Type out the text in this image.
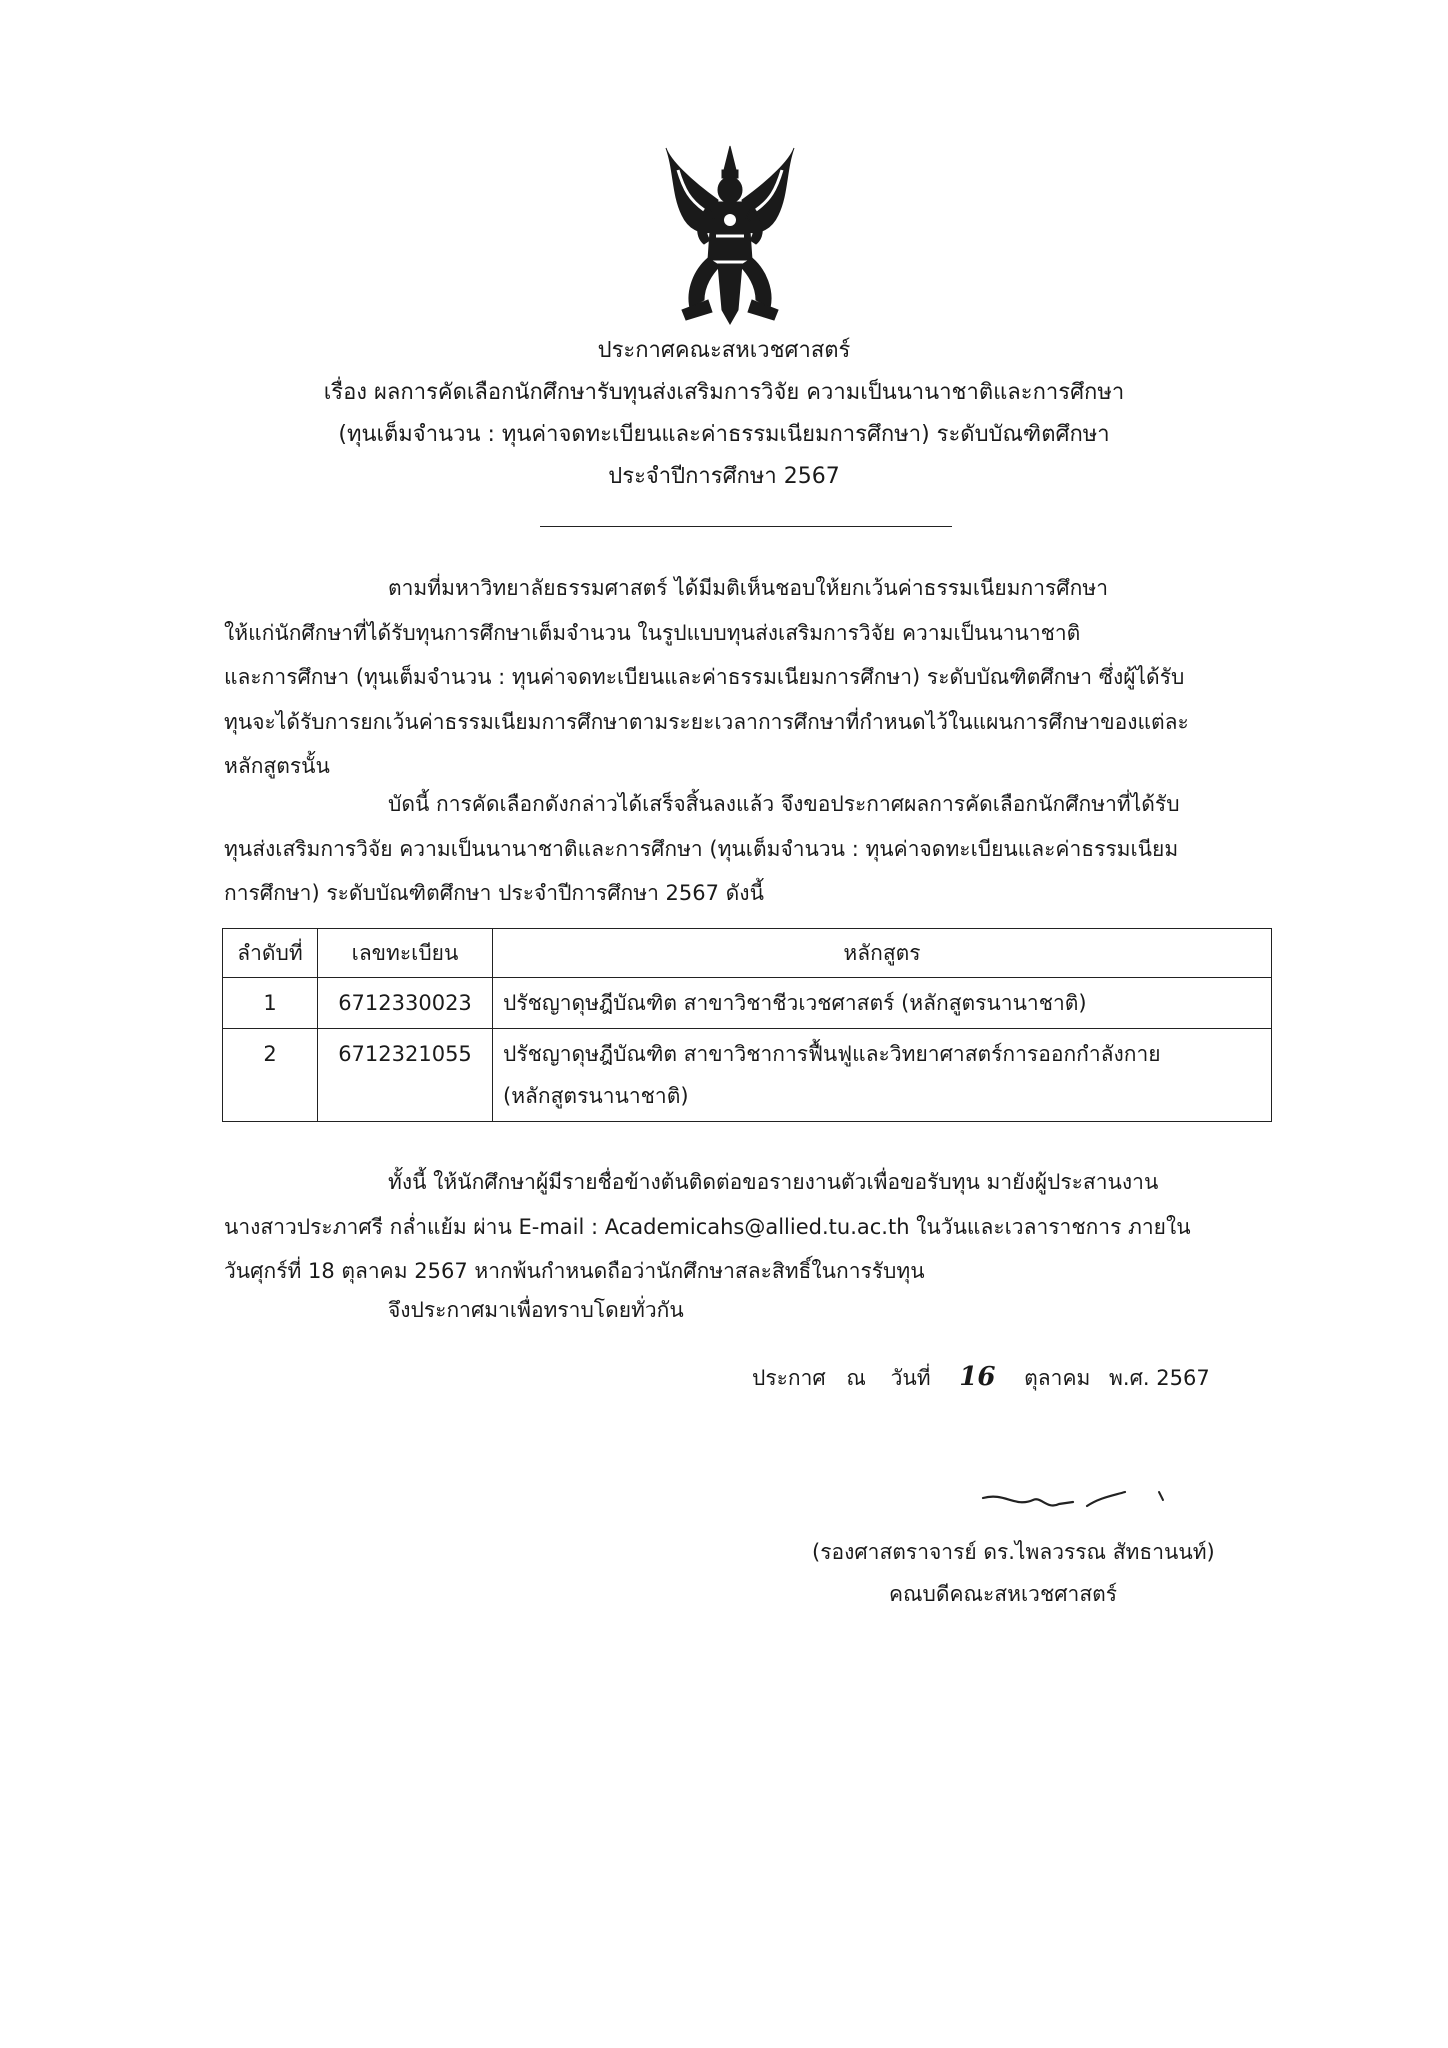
ประกาศคณะสหเวชศาสตร์
เรื่อง ผลการคัดเลือกนักศึกษารับทุนส่งเสริมการวิจัย ความเป็นนานาชาติและการศึกษา
(ทุนเต็มจำนวน : ทุนค่าจดทะเบียนและค่าธรรมเนียมการศึกษา) ระดับบัณฑิตศึกษา
ประจำปีการศึกษา 2567
ตามที่มหาวิทยาลัยธรรมศาสตร์ ได้มีมติเห็นชอบให้ยกเว้นค่าธรรมเนียมการศึกษา
ให้แก่นักศึกษาที่ได้รับทุนการศึกษาเต็มจำนวน ในรูปแบบทุนส่งเสริมการวิจัย ความเป็นนานาชาติ
และการศึกษา (ทุนเต็มจำนวน : ทุนค่าจดทะเบียนและค่าธรรมเนียมการศึกษา) ระดับบัณฑิตศึกษา ซึ่งผู้ได้รับ
ทุนจะได้รับการยกเว้นค่าธรรมเนียมการศึกษาตามระยะเวลาการศึกษาที่กำหนดไว้ในแผนการศึกษาของแต่ละ
หลักสูตรนั้น
บัดนี้ การคัดเลือกดังกล่าวได้เสร็จสิ้นลงแล้ว จึงขอประกาศผลการคัดเลือกนักศึกษาที่ได้รับ
ทุนส่งเสริมการวิจัย ความเป็นนานาชาติและการศึกษา (ทุนเต็มจำนวน : ทุนค่าจดทะเบียนและค่าธรรมเนียม
การศึกษา) ระดับบัณฑิตศึกษา ประจำปีการศึกษา 2567 ดังนี้
ลำดับที่	เลขทะเบียน	หลักสูตร
1	6712330023	ปรัชญาดุษฎีบัณฑิต สาขาวิชาชีวเวชศาสตร์ (หลักสูตรนานาชาติ)
2	6712321055	ปรัชญาดุษฎีบัณฑิต สาขาวิชาการฟื้นฟูและวิทยาศาสตร์การออกกำลังกาย
(หลักสูตรนานาชาติ)
ทั้งนี้ ให้นักศึกษาผู้มีรายชื่อข้างต้นติดต่อขอรายงานตัวเพื่อขอรับทุน มายังผู้ประสานงาน
นางสาวประภาศรี กล่ำแย้ม ผ่าน E-mail : Academicahs@allied.tu.ac.th ในวันและเวลาราชการ ภายใน
วันศุกร์ที่ 18 ตุลาคม 2567 หากพ้นกำหนดถือว่านักศึกษาสละสิทธิ์ในการรับทุน
จึงประกาศมาเพื่อทราบโดยทั่วกัน
ประกาศ ณ วันที่ 16 ตุลาคม พ.ศ. 2567
(รองศาสตราจารย์ ดร.ไพลวรรณ สัทธานนท์)
คณบดีคณะสหเวชศาสตร์
